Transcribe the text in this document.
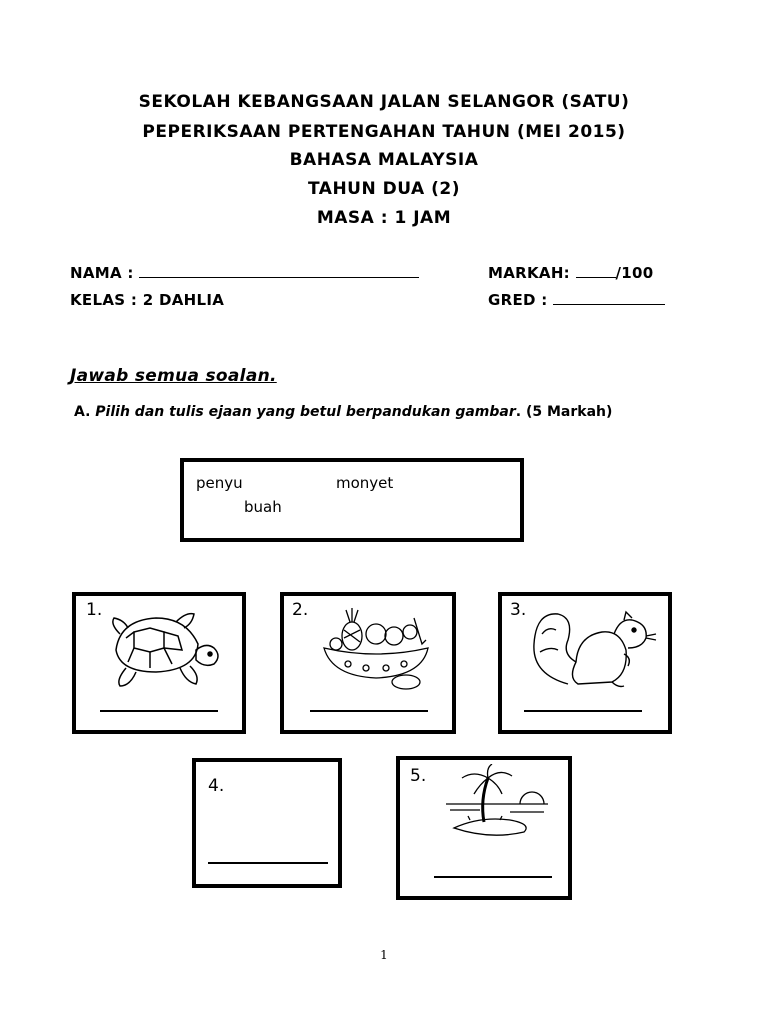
SEKOLAH KEBANGSAAN JALAN SELANGOR (SATU)
PEPERIKSAAN PERTENGAHAN TAHUN (MEI 2015)
BAHASA MALAYSIA
TAHUN DUA (2)
MASA : 1 JAM
NAMA :	MARKAH:	/100
KELAS : 2 DAHLIA	GRED :
Jawab semua soalan.
A. Pilih dan tulis ejaan yang betul berpandukan gambar. (5 Markah)
penyu	monyet
buah
1.	2.	3.
4.	5.
1
